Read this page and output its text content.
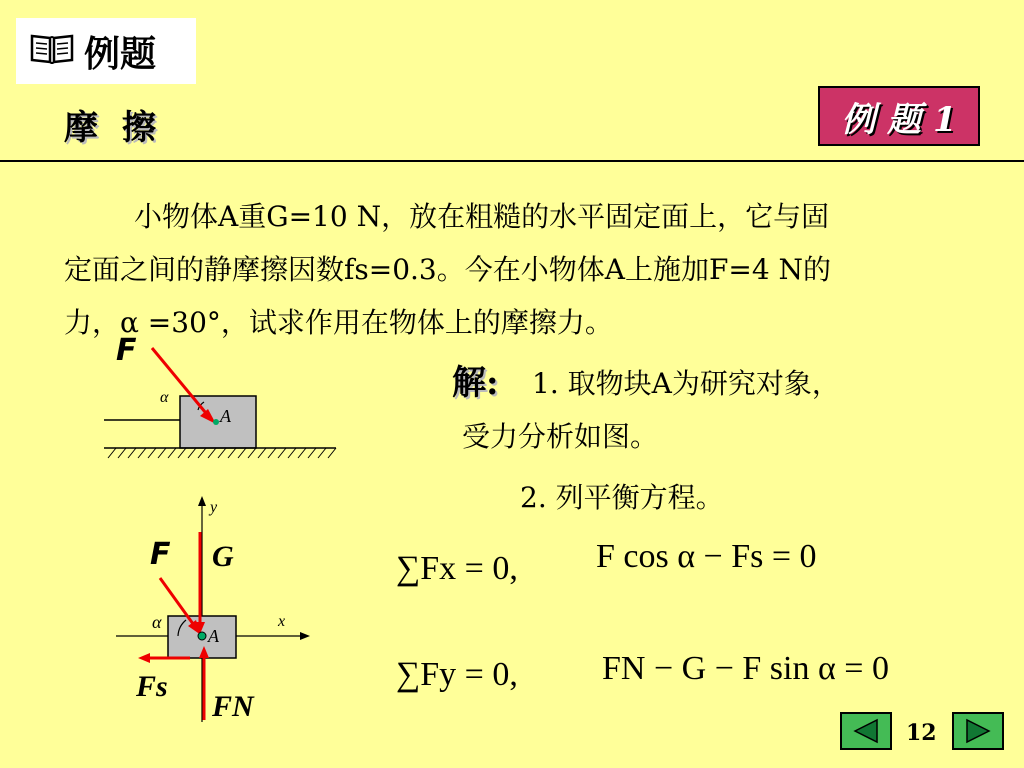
例题
摩 擦	例 题 1
小物体A重G=10 N，放在粗糙的水平固定面上，它与固
定面之间的静摩擦因数fs=0.3。今在小物体A上施加F=4 N的
力，α =30°，试求作用在物体上的摩擦力。
F
α
A
解: 1. 取物块A为研究对象，
受力分析如图。
2. 列平衡方程。
F G
α
A
x
y
Fs
FN
∑Fx = 0, F cos α − Fs = 0
∑Fy = 0, FN − G − F sin α = 0
12
